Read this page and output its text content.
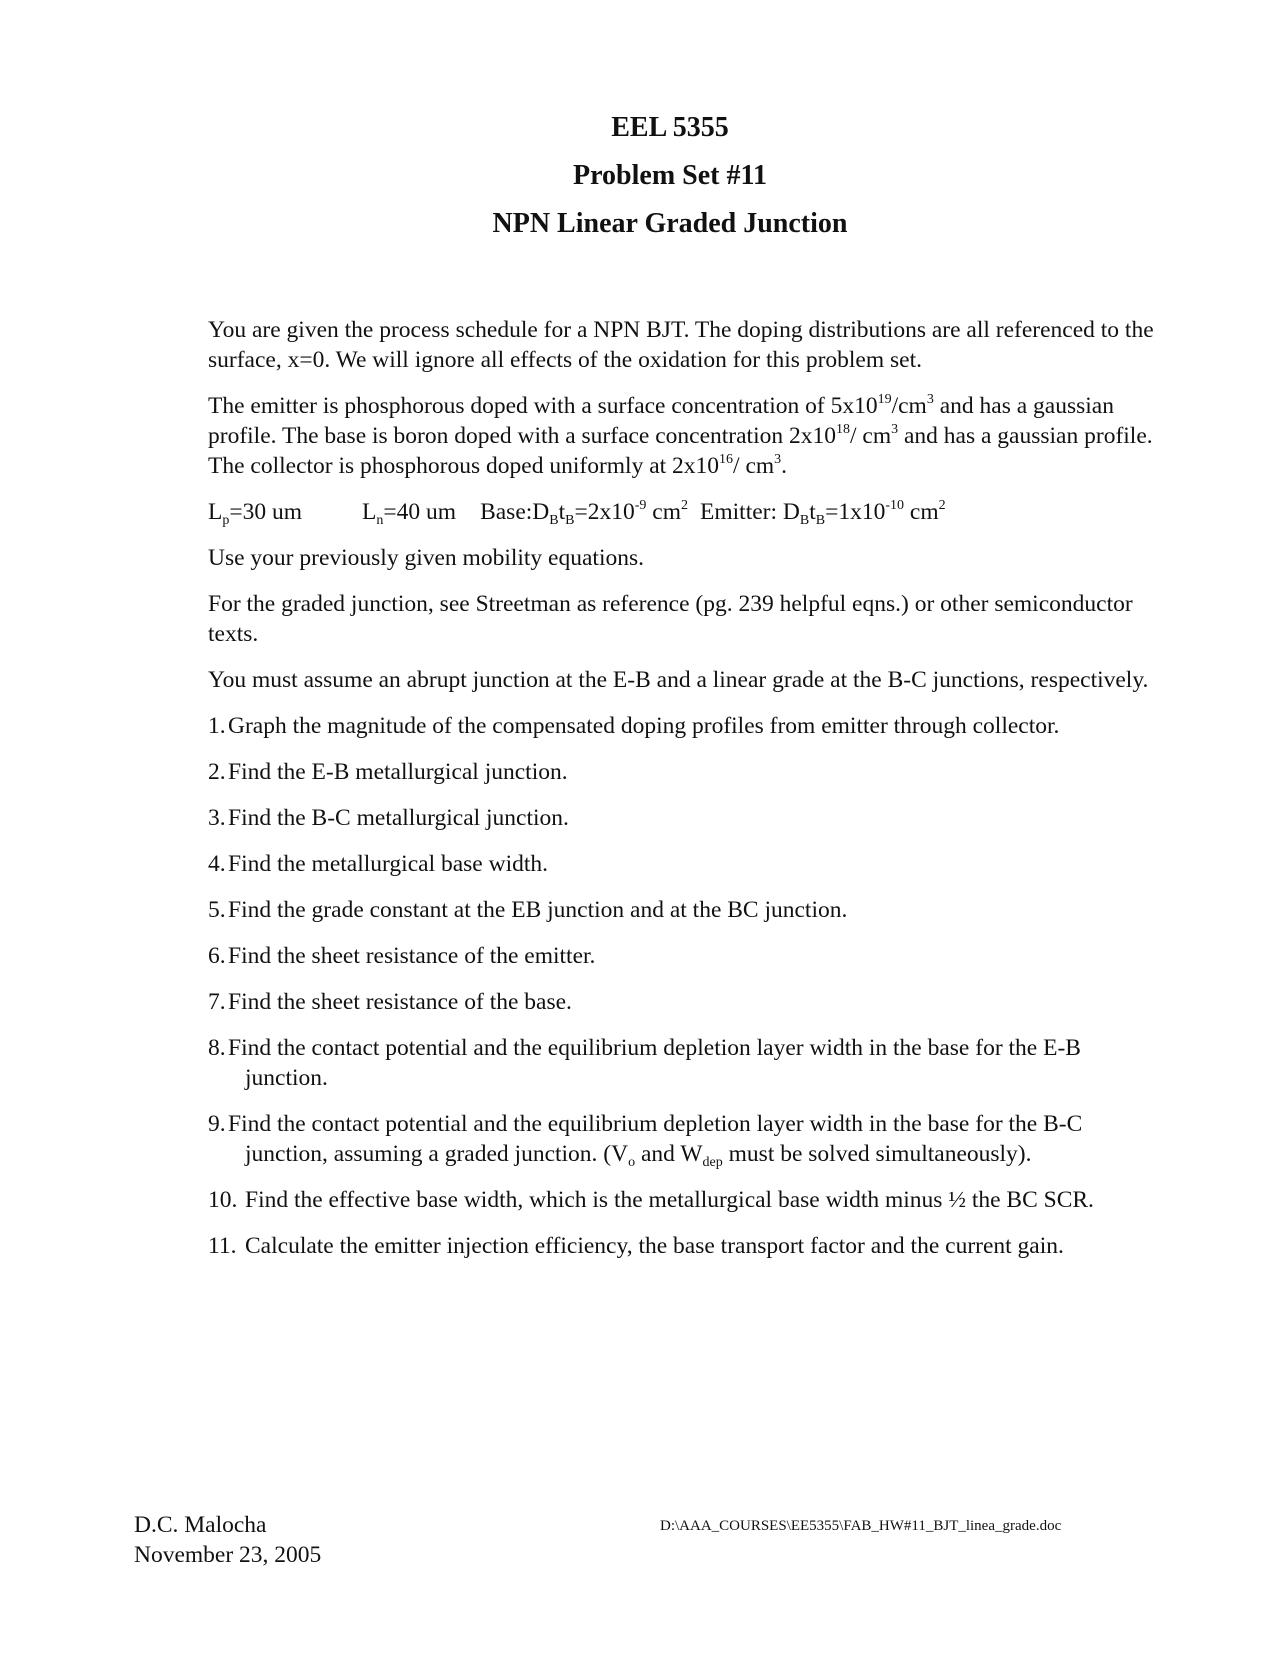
EEL 5355
Problem Set #11
NPN Linear Graded Junction

You are given the process schedule for a NPN BJT. The doping distributions are all referenced to the surface, x=0. We will ignore all effects of the oxidation for this problem set.

The emitter is phosphorous doped with a surface concentration of $5x10^{19}/cm^3$ and has a gaussian profile. The base is boron doped with a surface concentration $2x10^{18}/$ $cm^3$ and has a gaussian profile. The collector is phosphorous doped uniformly at $2x10^{16}/$ $cm^3$.

$L_p=30$ um	$L_n=40$ um $Base:D_Bt_B=2x10^{-9}$ $cm^2$ Emitter: $D_Bt_B=1x10^{-10}$ $cm^2$

Use your previously given mobility equations.

For the graded junction, see Streetman as reference (pg. 239 helpful eqns.) or other semiconductor texts.

You must assume an abrupt junction at the E-B and a linear grade at the B-C junctions, respectively.

1. Graph the magnitude of the compensated doping profiles from emitter through collector.
2. Find the E-B metallurgical junction.
3. Find the B-C metallurgical junction.
4. Find the metallurgical base width.
5. Find the grade constant at the EB junction and at the BC junction.
6. Find the sheet resistance of the emitter.
7. Find the sheet resistance of the base.
8. Find the contact potential and the equilibrium depletion layer width in the base for the E-B junction.
9. Find the contact potential and the equilibrium depletion layer width in the base for the B-C junction, assuming a graded junction. ($V_o$ and $W_{dep}$ must be solved simultaneously).
10. Find the effective base width, which is the metallurgical base width minus ½ the BC SCR.
11. Calculate the emitter injection efficiency, the base transport factor and the current gain.
D.C. Malocha
November 23, 2005
D:\AAA_COURSES\EE5355\FAB_HW#11_BJT_linea_grade.doc
